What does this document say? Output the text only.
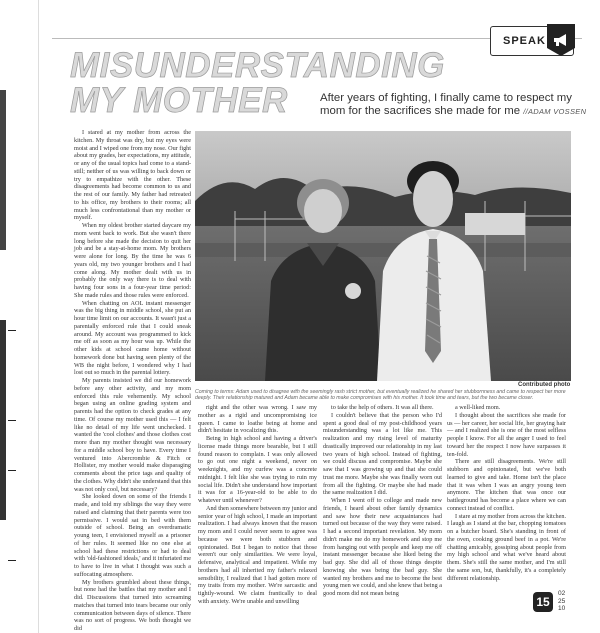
SPEAK
MISUNDERSTANDING
MY MOTHER	After years of fighting, I finally came to respect my mom for the sacrifices she made for me //ADAM VOSSEN

I stared at my mother from across the kitchen. My throat was dry, but my eyes were moist and I wiped one from my nose. Our fight about my grades, her expectations, my attitude, or any of the usual topics had come to a stand-still; neither of us was willing to back down or try to empathize with the other. These disagreements had become common to us and the rest of our family. My father had retreated to his office, my brothers to their rooms; all much less confrontational than my mother or myself.

When my oldest brother started daycare my mom went back to work. But she wasn't there long before she made the decision to quit her job and be a stay-at-home mom. My brothers were alone for long. By the time he was 6 years old, my two younger brothers and I had come along. My mother dealt with us in probably the only way there is to deal with having four sons in a four-year time period: She made rules and those rules were enforced.

When chatting on AOL instant messenger was the big thing in middle school, she put an hour time limit on our accounts. It wasn't just a parentally enforced rule that I could sneak around. My account was programmed to kick me off as soon as my hour was up. While the other kids at school came home without homework done but having seen plenty of the WB the night before, I wondered why I had lost out so much in the parental lottery.

My parents insisted we did our homework before any other activity, and my mom enforced this rule vehemently. My school began using an online grading system and parents had the option to check grades at any time. Of course my mother used this — I felt like no detail of my life went unchecked. I wanted the 'cool clothes' and those clothes cost more than my mother thought was necessary for a middle school boy to have. Every time I ventured into Abercrombie & Fitch or Hollister, my mother would make disparaging comments about the price tags and quality of the clothes. Why didn't she understand that this was not only cool, but necessary?

She looked down on some of the friends I made, and told my siblings the way they were raised and claiming that their parents were too permissive. I would sat in bed with them outside of school. Being an overdramatic young teen, I envisioned myself as a prisoner of her rules. It seemed like no one else at school had these restrictions or had to deal with 'old-fashioned ideals,' and it infuriated me to have to live in what I thought was such a suffocating atmosphere.

My brothers grumbled about these things, but none had the battles that my mother and I did. Discussions that turned into screaming matches that turned into tears became our only communication between days of silence. There was no sort of progress. We both thought we did

Contributed photo
Coming to terms: Adam used to disagree with the seemingly rash strict mother, but eventually realized he shared her stubbornness and came to respect her more deeply. Their relationship matured and Adam became able to make compromises with his mother. It took time and tears, but the two became closer.

right and the other was wrong. I saw my mother as a rigid and uncompromising ice queen. I came to loathe being at home and didn't hesitate in vocalizing this.

Being in high school and having a driver's license made things more bearable, but I still found reason to complain. I was only allowed to go out one night a weekend, never on weeknights, and my curfew was a concrete midnight. I felt like she was trying to ruin my social life. Didn't she understand how important it was for a 16-year-old to be able to do whatever until whenever?

And then somewhere between my junior and senior year of high school, I made an important realization. I had always known that the reason my mom and I could never seem to agree was because we were both stubborn and opinionated. But I began to notice that those weren't our only similarities. We were loyal, defensive, analytical and impatient. While my brothers had all inherited my father's relaxed sensibility, I realized that I had gotten more of my traits from my mother. We're sarcastic and tightly-wound. We claim frantically to deal with anxiety. We're unable and unwilling

to take the help of others. It was all there.

I couldn't believe that the person who I'd spent a good deal of my post-childhood years misunderstanding was a lot like me. This realization and my rising level of maturity drastically improved our relationship in my last two years of high school. Instead of fighting, we could discuss and compromise. Maybe she saw that I was growing up and that she could trust me more. Maybe she was finally worn out from all the fighting. Or maybe she had made the same realization I did.

When I went off to college and made new friends, I heard about other family dynamics and saw how their new acquaintances had turned out because of the way they were raised. I had a second important revelation. My mom didn't make me do my homework and stop me from hanging out with people and keep me off instant messenger because she liked being the bad guy. She did all of those things despite knowing she was being the bad guy. She wanted my brothers and me to become the best young men we could, and she knew that being a good mom did not mean being

a well-liked mom.

I thought about the sacrifices she made for us — her career, her social life, her graying hair — and I realized she is one of the most selfless people I know. For all the anger I used to feel toward her the respect I now have surpasses it ten-fold.

There are still disagreements. We're still stubborn and opinionated, but we've both learned to give and take. Home isn't the place that it was when I was an angry young teen anymore. The kitchen that was once our battleground has become a place where we can connect instead of conflict.

I stare at my mother from across the kitchen. I laugh as I stand at the bar, chopping tomatoes on a butcher board. She's standing in front of the oven, cooking ground beef in a pot. We're chatting amicably, gossiping about people from my high school and what we've heard about them. She's still the same mother, and I'm still the same son, but, thankfully, it's a completely different relationship.

15
02
25
10
